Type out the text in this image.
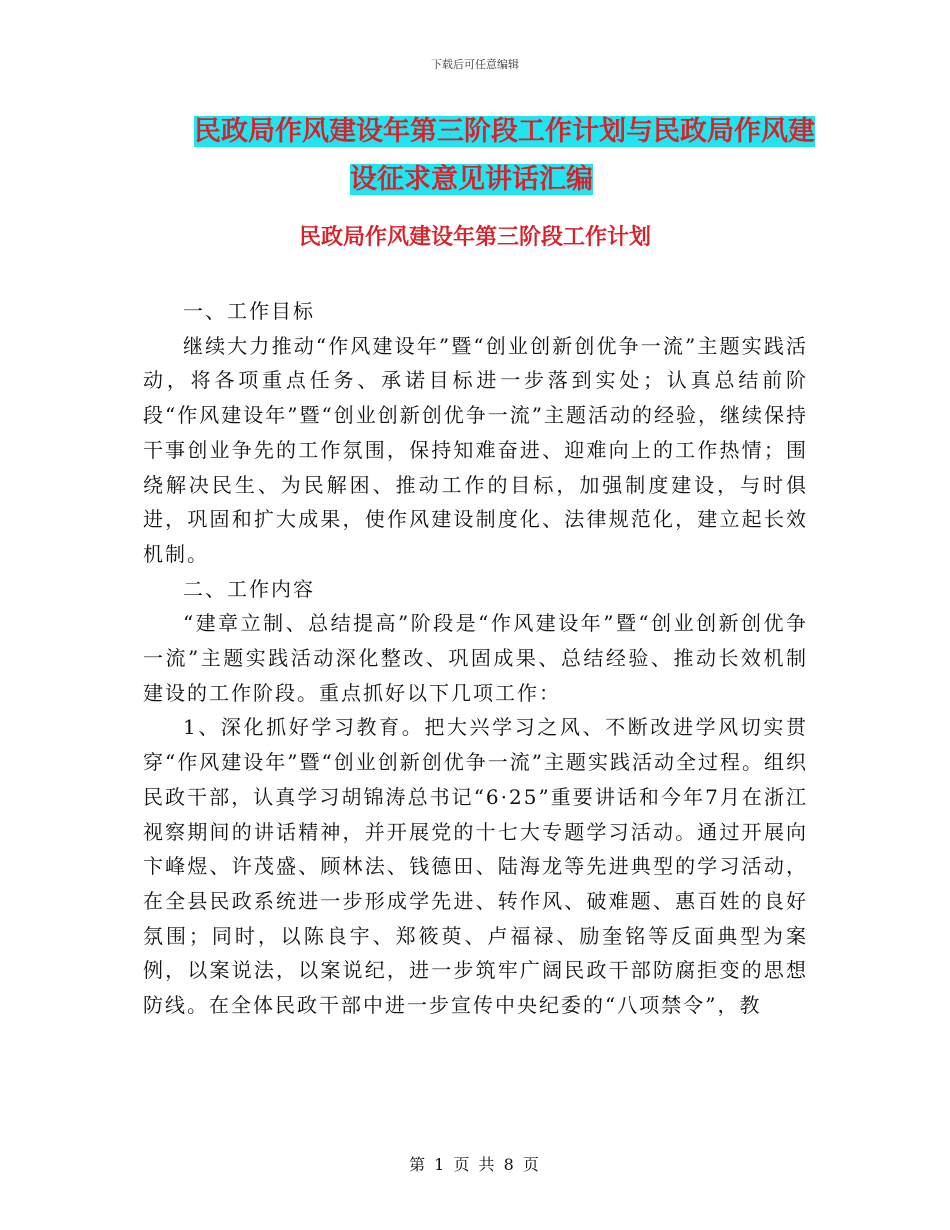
下载后可任意编辑
民政局作风建设年第三阶段工作计划与民政局作风建
设征求意见讲话汇编
民政局作风建设年第三阶段工作计划

一、工作目标

继续大力推动“作风建设年”暨“创业创新创优争一流”主题实践活动，将各项重点任务、承诺目标进一步落到实处；认真总结前阶段“作风建设年”暨“创业创新创优争一流”主题活动的经验，继续保持干事创业争先的工作氛围，保持知难奋进、迎难向上的工作热情；围绕解决民生、为民解困、推动工作的目标，加强制度建设，与时俱进，巩固和扩大成果，使作风建设制度化、法律规范化，建立起长效机制。

二、工作内容

“建章立制、总结提高”阶段是“作风建设年”暨“创业创新创优争一流”主题实践活动深化整改、巩固成果、总结经验、推动长效机制建设的工作阶段。重点抓好以下几项工作：

1、深化抓好学习教育。把大兴学习之风、不断改进学风切实贯穿“作风建设年”暨“创业创新创优争一流”主题实践活动全过程。组织民政干部，认真学习胡锦涛总书记“6·25”重要讲话和今年7月在浙江视察期间的讲话精神，并开展党的十七大专题学习活动。通过开展向卞峰煜、许茂盛、顾林法、钱德田、陆海龙等先进典型的学习活动，在全县民政系统进一步形成学先进、转作风、破难题、惠百姓的良好氛围；同时，以陈良宇、郑筱萸、卢福禄、励奎铭等反面典型为案例，以案说法，以案说纪，进一步筑牢广阔民政干部防腐拒变的思想防线。在全体民政干部中进一步宣传中央纪委的“八项禁令”，教

第 1 页 共 8 页
